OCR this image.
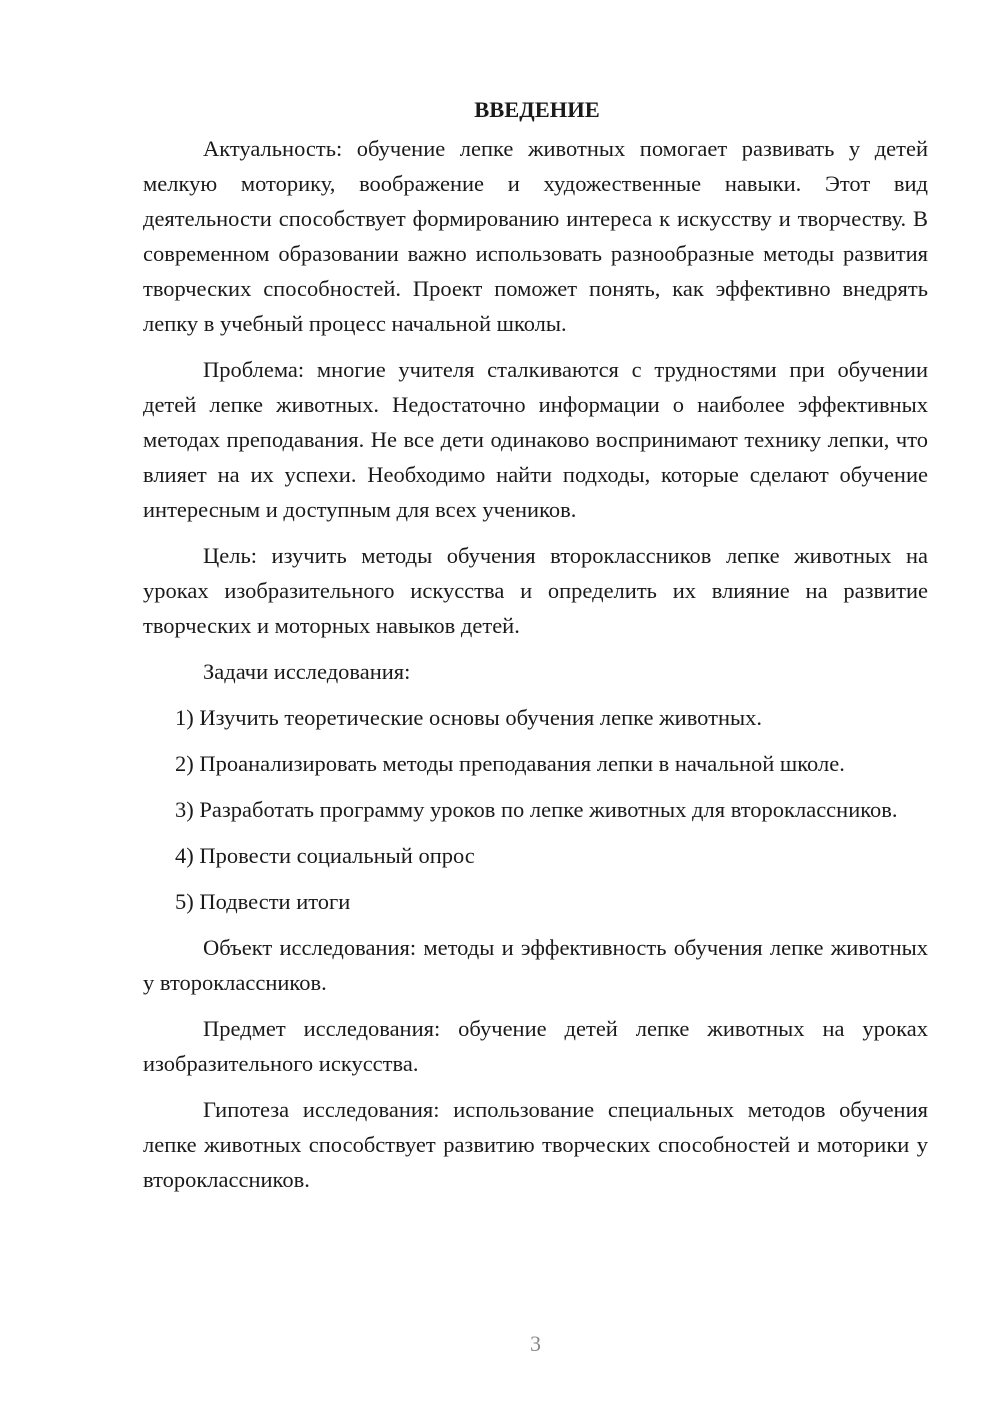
ВВЕДЕНИЕ

Актуальность: обучение лепке животных помогает развивать у детей мелкую моторику, воображение и художественные навыки. Этот вид деятельности способствует формированию интереса к искусству и творчеству. В современном образовании важно использовать разнообразные методы развития творческих способностей. Проект поможет понять, как эффективно внедрять лепку в учебный процесс начальной школы.

Проблема: многие учителя сталкиваются с трудностями при обучении детей лепке животных. Недостаточно информации о наиболее эффективных методах преподавания. Не все дети одинаково воспринимают технику лепки, что влияет на их успехи. Необходимо найти подходы, которые сделают обучение интересным и доступным для всех учеников.

Цель: изучить методы обучения второклассников лепке животных на уроках изобразительного искусства и определить их влияние на развитие творческих и моторных навыков детей.

Задачи исследования:

1) Изучить теоретические основы обучения лепке животных.

2) Проанализировать методы преподавания лепки в начальной школе.

3) Разработать программу уроков по лепке животных для второклассников.

4) Провести социальный опрос

5) Подвести итоги

Объект исследования: методы и эффективность обучения лепке животных у второклассников.

Предмет исследования: обучение детей лепке животных на уроках изобразительного искусства.

Гипотеза исследования: использование специальных методов обучения лепке животных способствует развитию творческих способностей и моторики у второклассников.

3
